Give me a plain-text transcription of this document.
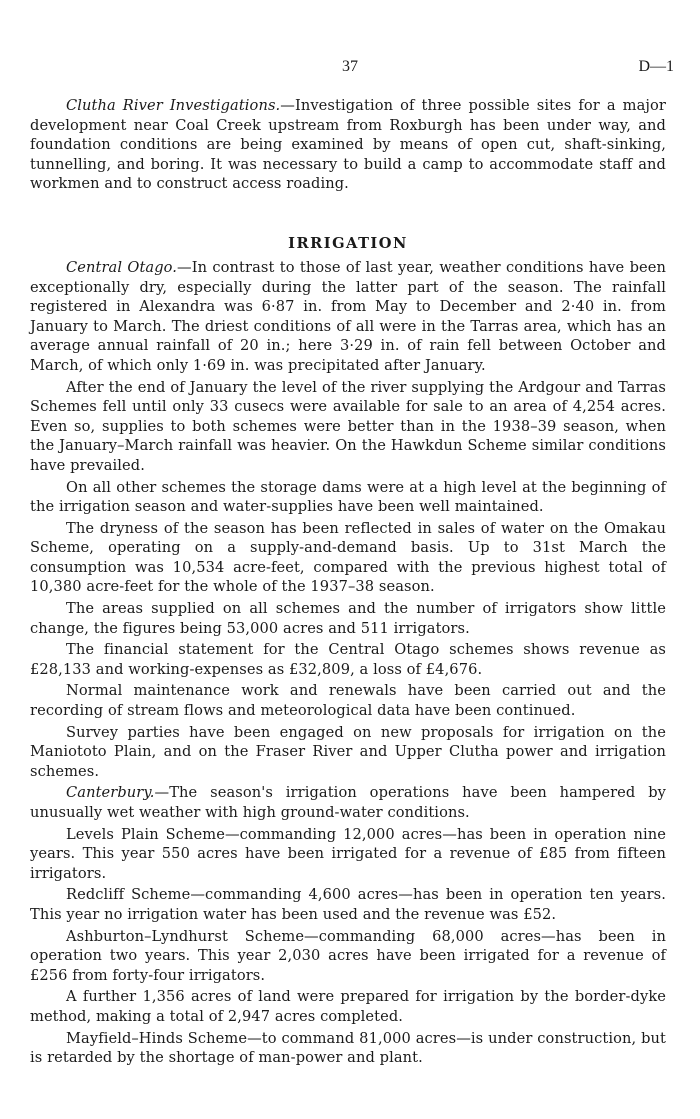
37	D—1

Clutha River Investigations.—Investigation of three possible sites for a major development near Coal Creek upstream from Roxburgh has been under way, and foundation conditions are being examined by means of open cut, shaft-sinking, tunnelling, and boring. It was necessary to build a camp to accommodate staff and workmen and to construct access roading.

IRRIGATION

Central Otago.—In contrast to those of last year, weather conditions have been exceptionally dry, especially during the latter part of the season. The rainfall registered in Alexandra was 6·87 in. from May to December and 2·40 in. from January to March. The driest conditions of all were in the Tarras area, which has an average annual rainfall of 20 in.; here 3·29 in. of rain fell between October and March, of which only 1·69 in. was precipitated after January.

After the end of January the level of the river supplying the Ardgour and Tarras Schemes fell until only 33 cusecs were available for sale to an area of 4,254 acres. Even so, supplies to both schemes were better than in the 1938–39 season, when the January–March rainfall was heavier. On the Hawkdun Scheme similar conditions have prevailed.

On all other schemes the storage dams were at a high level at the beginning of the irrigation season and water-supplies have been well maintained.

The dryness of the season has been reflected in sales of water on the Omakau Scheme, operating on a supply-and-demand basis. Up to 31st March the consumption was 10,534 acre-feet, compared with the previous highest total of 10,380 acre-feet for the whole of the 1937–38 season.

The areas supplied on all schemes and the number of irrigators show little change, the figures being 53,000 acres and 511 irrigators.

The financial statement for the Central Otago schemes shows revenue as £28,133 and working-expenses as £32,809, a loss of £4,676.

Normal maintenance work and renewals have been carried out and the recording of stream flows and meteorological data have been continued.

Survey parties have been engaged on new proposals for irrigation on the Maniototo Plain, and on the Fraser River and Upper Clutha power and irrigation schemes.

Canterbury.—The season's irrigation operations have been hampered by unusually wet weather with high ground-water conditions.

Levels Plain Scheme—commanding 12,000 acres—has been in operation nine years. This year 550 acres have been irrigated for a revenue of £85 from fifteen irrigators.

Redcliff Scheme—commanding 4,600 acres—has been in operation ten years. This year no irrigation water has been used and the revenue was £52.

Ashburton–Lyndhurst Scheme—commanding 68,000 acres—has been in operation two years. This year 2,030 acres have been irrigated for a revenue of £256 from forty-four irrigators.

A further 1,356 acres of land were prepared for irrigation by the border-dyke method, making a total of 2,947 acres completed.

Mayfield–Hinds Scheme—to command 81,000 acres—is under construction, but is retarded by the shortage of man-power and plant.
